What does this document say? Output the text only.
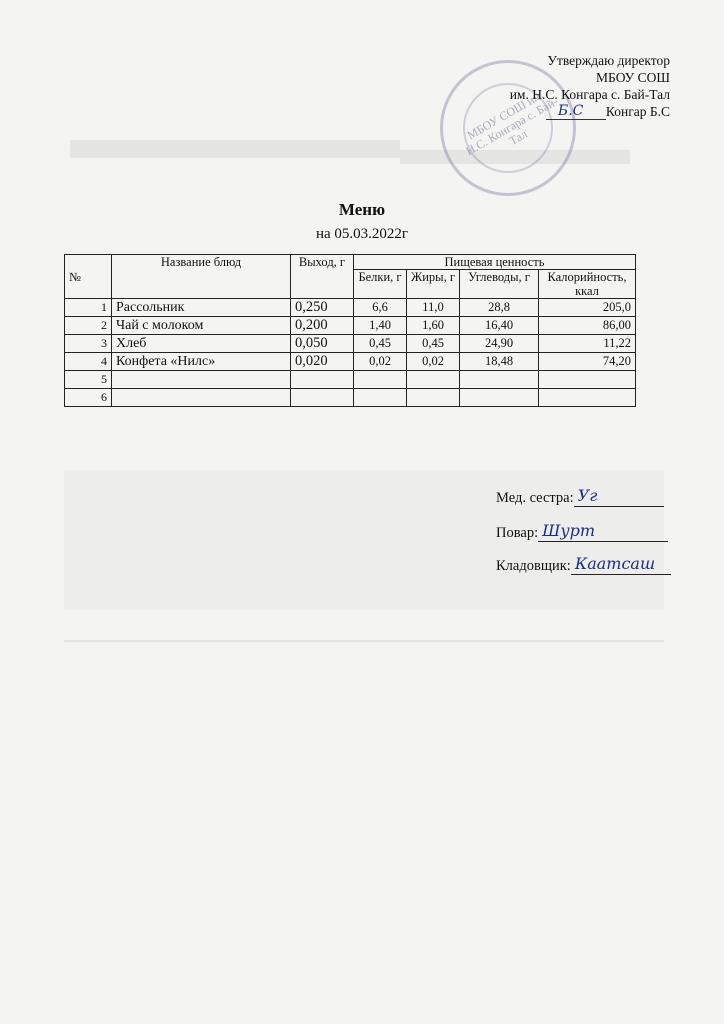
МБОУ СОШ им. Н.С. Конгара с. Бай-Тал
Утверждаю директор
МБОУ СОШ
им. Н.С. Конгара с. Бай-Тал
Б.С Конгар Б.С
Меню
на 05.03.2022г
№	Название блюд	Выход, г	Пищевая ценность			
			Белки, г	Жиры, г	Углеводы, г	Калорийность, ккал
1	Рассольник	0,250	6,6	11,0	28,8	205,0
2	Чай с молоком	0,200	1,40	1,60	16,40	86,00
3	Хлеб	0,050	0,45	0,45	24,90	11,22
4	Конфета «Нилс»	0,020	0,02	0,02	18,48	74,20
5						
6						
Мед. сестра: Уг
Повар: Шурт
Кладовщик: Каатсаш
